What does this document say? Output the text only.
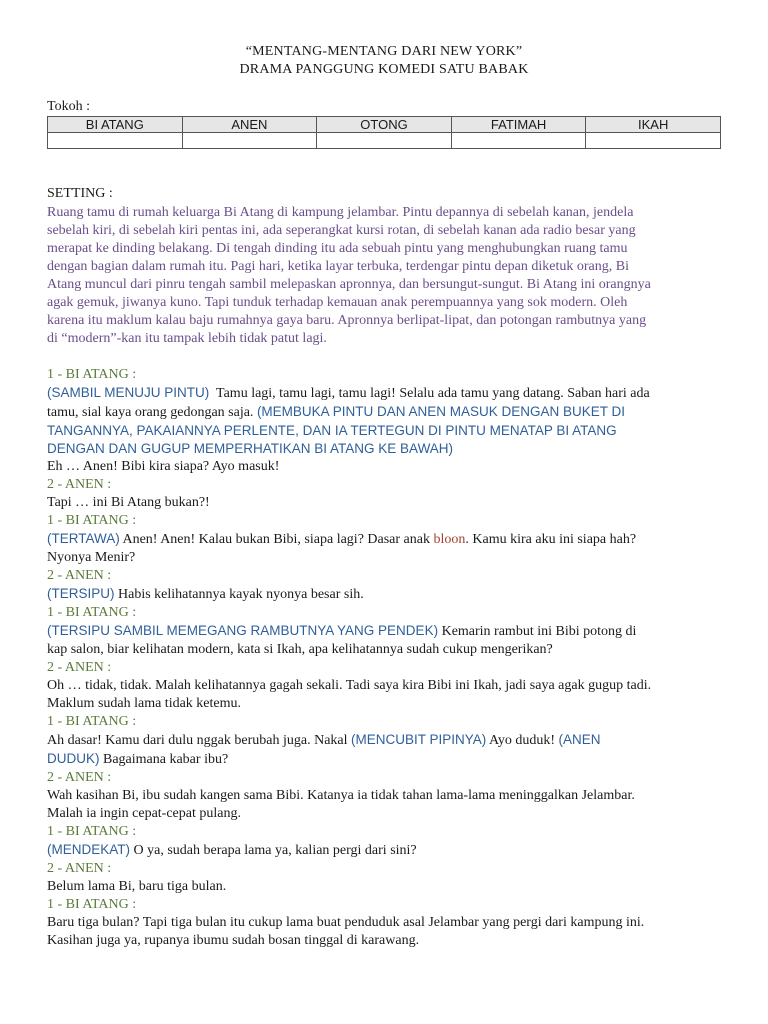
“MENTANG-MENTANG DARI NEW YORK”
DRAMA PANGGUNG KOMEDI SATU BABAK
Tokoh :
BI ATANG	ANEN	OTONG	FATIMAH	IKAH

SETTING :
Ruang tamu di rumah keluarga Bi Atang di kampung jelambar. Pintu depannya di sebelah kanan, jendela
sebelah kiri, di sebelah kiri pentas ini, ada seperangkat kursi rotan, di sebelah kanan ada radio besar yang
merapat ke dinding belakang. Di tengah dinding itu ada sebuah pintu yang menghubungkan ruang tamu
dengan bagian dalam rumah itu. Pagi hari, ketika layar terbuka, terdengar pintu depan diketuk orang, Bi
Atang muncul dari pinru tengah sambil melepaskan apronnya, dan bersungut-sungut. Bi Atang ini orangnya
agak gemuk, jiwanya kuno. Tapi tunduk terhadap kemauan anak perempuannya yang sok modern. Oleh
karena itu maklum kalau baju rumahnya gaya baru. Apronnya berlipat-lipat, dan potongan rambutnya yang
di “modern”-kan itu tampak lebih tidak patut lagi.
1 - BI ATANG :
(SAMBIL MENUJU PINTU)  Tamu lagi, tamu lagi, tamu lagi! Selalu ada tamu yang datang. Saban hari ada
tamu, sial kaya orang gedongan saja. (MEMBUKA PINTU DAN ANEN MASUK DENGAN BUKET DI
TANGANNYA, PAKAIANNYA PERLENTE, DAN IA TERTEGUN DI PINTU MENATAP BI ATANG
DENGAN DAN GUGUP MEMPERHATIKAN BI ATANG KE BAWAH)
Eh … Anen! Bibi kira siapa? Ayo masuk!
2 - ANEN :
Tapi … ini Bi Atang bukan?!
1 - BI ATANG :
(TERTAWA) Anen! Anen! Kalau bukan Bibi, siapa lagi? Dasar anak bloon. Kamu kira aku ini siapa hah?
Nyonya Menir?
2 - ANEN :
(TERSIPU) Habis kelihatannya kayak nyonya besar sih.
1 - BI ATANG :
(TERSIPU SAMBIL MEMEGANG RAMBUTNYA YANG PENDEK) Kemarin rambut ini Bibi potong di
kap salon, biar kelihatan modern, kata si Ikah, apa kelihatannya sudah cukup mengerikan?
2 - ANEN :
Oh … tidak, tidak. Malah kelihatannya gagah sekali. Tadi saya kira Bibi ini Ikah, jadi saya agak gugup tadi.
Maklum sudah lama tidak ketemu.
1 - BI ATANG :
Ah dasar! Kamu dari dulu nggak berubah juga. Nakal (MENCUBIT PIPINYA) Ayo duduk! (ANEN
DUDUK) Bagaimana kabar ibu?
2 - ANEN :
Wah kasihan Bi, ibu sudah kangen sama Bibi. Katanya ia tidak tahan lama-lama meninggalkan Jelambar.
Malah ia ingin cepat-cepat pulang.
1 - BI ATANG :
(MENDEKAT) O ya, sudah berapa lama ya, kalian pergi dari sini?
2 - ANEN :
Belum lama Bi, baru tiga bulan.
1 - BI ATANG :
Baru tiga bulan? Tapi tiga bulan itu cukup lama buat penduduk asal Jelambar yang pergi dari kampung ini.
Kasihan juga ya, rupanya ibumu sudah bosan tinggal di karawang.
